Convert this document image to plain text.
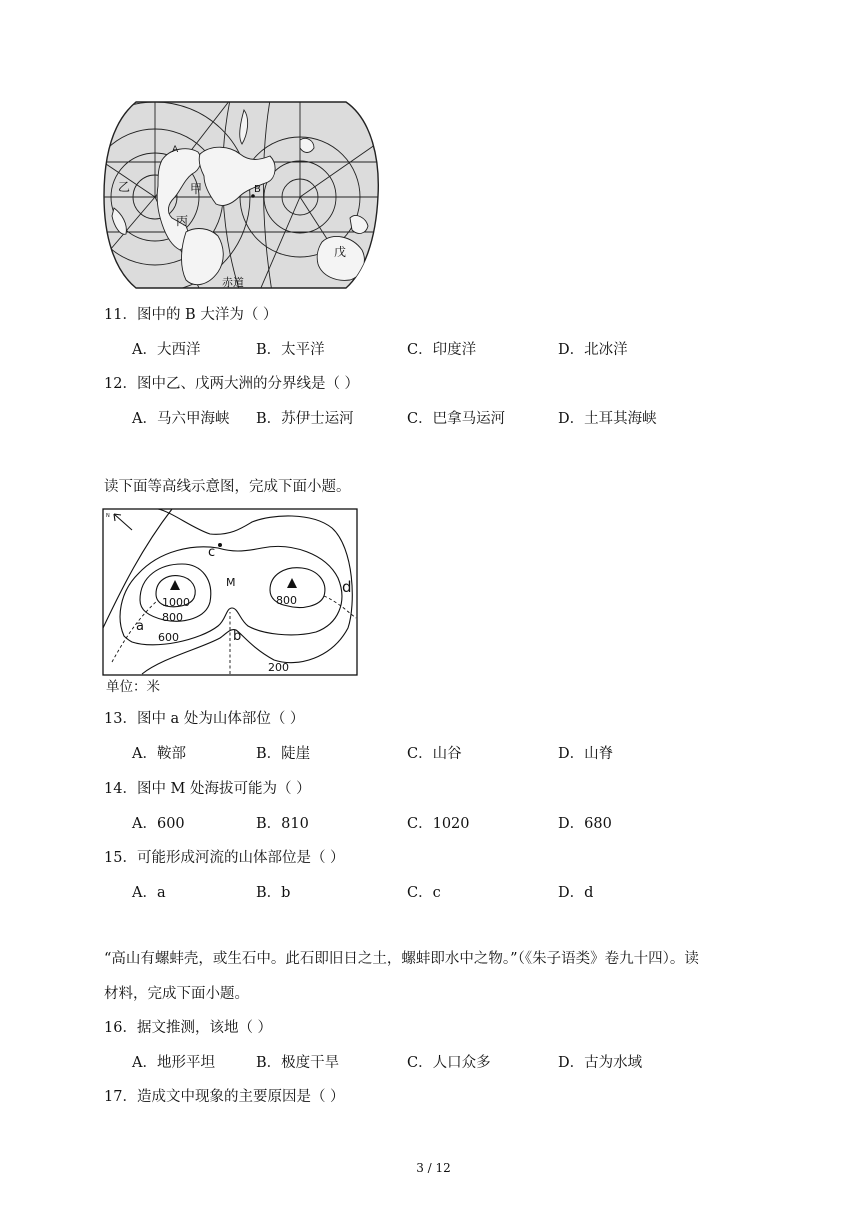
A
B
乙	甲
丙
戊
赤道
11．图中的 B 大洋为（ ）
A．大西洋	B．太平洋	C．印度洋	D．北冰洋
12．图中乙、戊两大洲的分界线是（ ）
A．马六甲海峡 B．苏伊士运河	C．巴拿马运河	D．土耳其海峡
读下面等高线示意图，完成下面小题。
N
c
M	d
a
b
1000
800
800
600
200
单位：米
13．图中 a 处为山体部位（ ）
A．鞍部	B．陡崖	C．山谷	D．山脊
14．图中 M 处海拔可能为（ ）
A．600	B．810	C．1020	D．680
15．可能形成河流的山体部位是（ ）
A．a	B．b	C．c	D．d
“高山有螺蚌壳，或生石中。此石即旧日之土，螺蚌即水中之物。”（《朱子语类》卷九十四）。读
材料，完成下面小题。
16．据文推测，该地（ ）
A．地形平坦	B．极度干旱	C．人口众多	D．古为水域
17．造成文中现象的主要原因是（ ）
3 / 12
